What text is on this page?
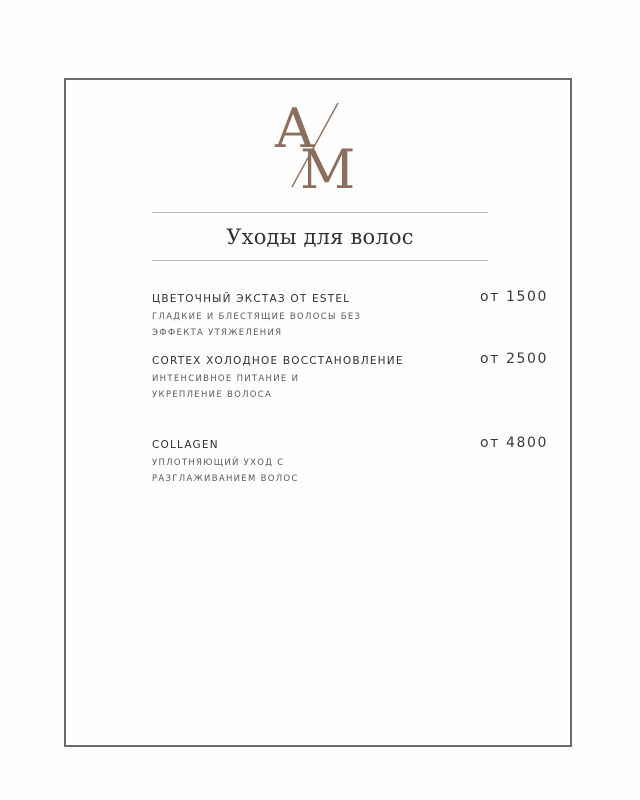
A
M
Уходы для волос
ЦВЕТОЧНЫЙ ЭКСТАЗ ОТ ESTEL
ГЛАДКИЕ И БЛЕСТЯЩИЕ ВОЛОСЫ БЕЗ ЭФФЕКТА УТЯЖЕЛЕНИЯ
от 1500
CORTEX ХОЛОДНОЕ ВОССТАНОВЛЕНИЕ
ИНТЕНСИВНОЕ ПИТАНИЕ И УКРЕПЛЕНИЕ ВОЛОСА
от 2500
COLLAGEN
УПЛОТНЯЮЩИЙ УХОД С РАЗГЛАЖИВАНИЕМ ВОЛОС
от 4800
